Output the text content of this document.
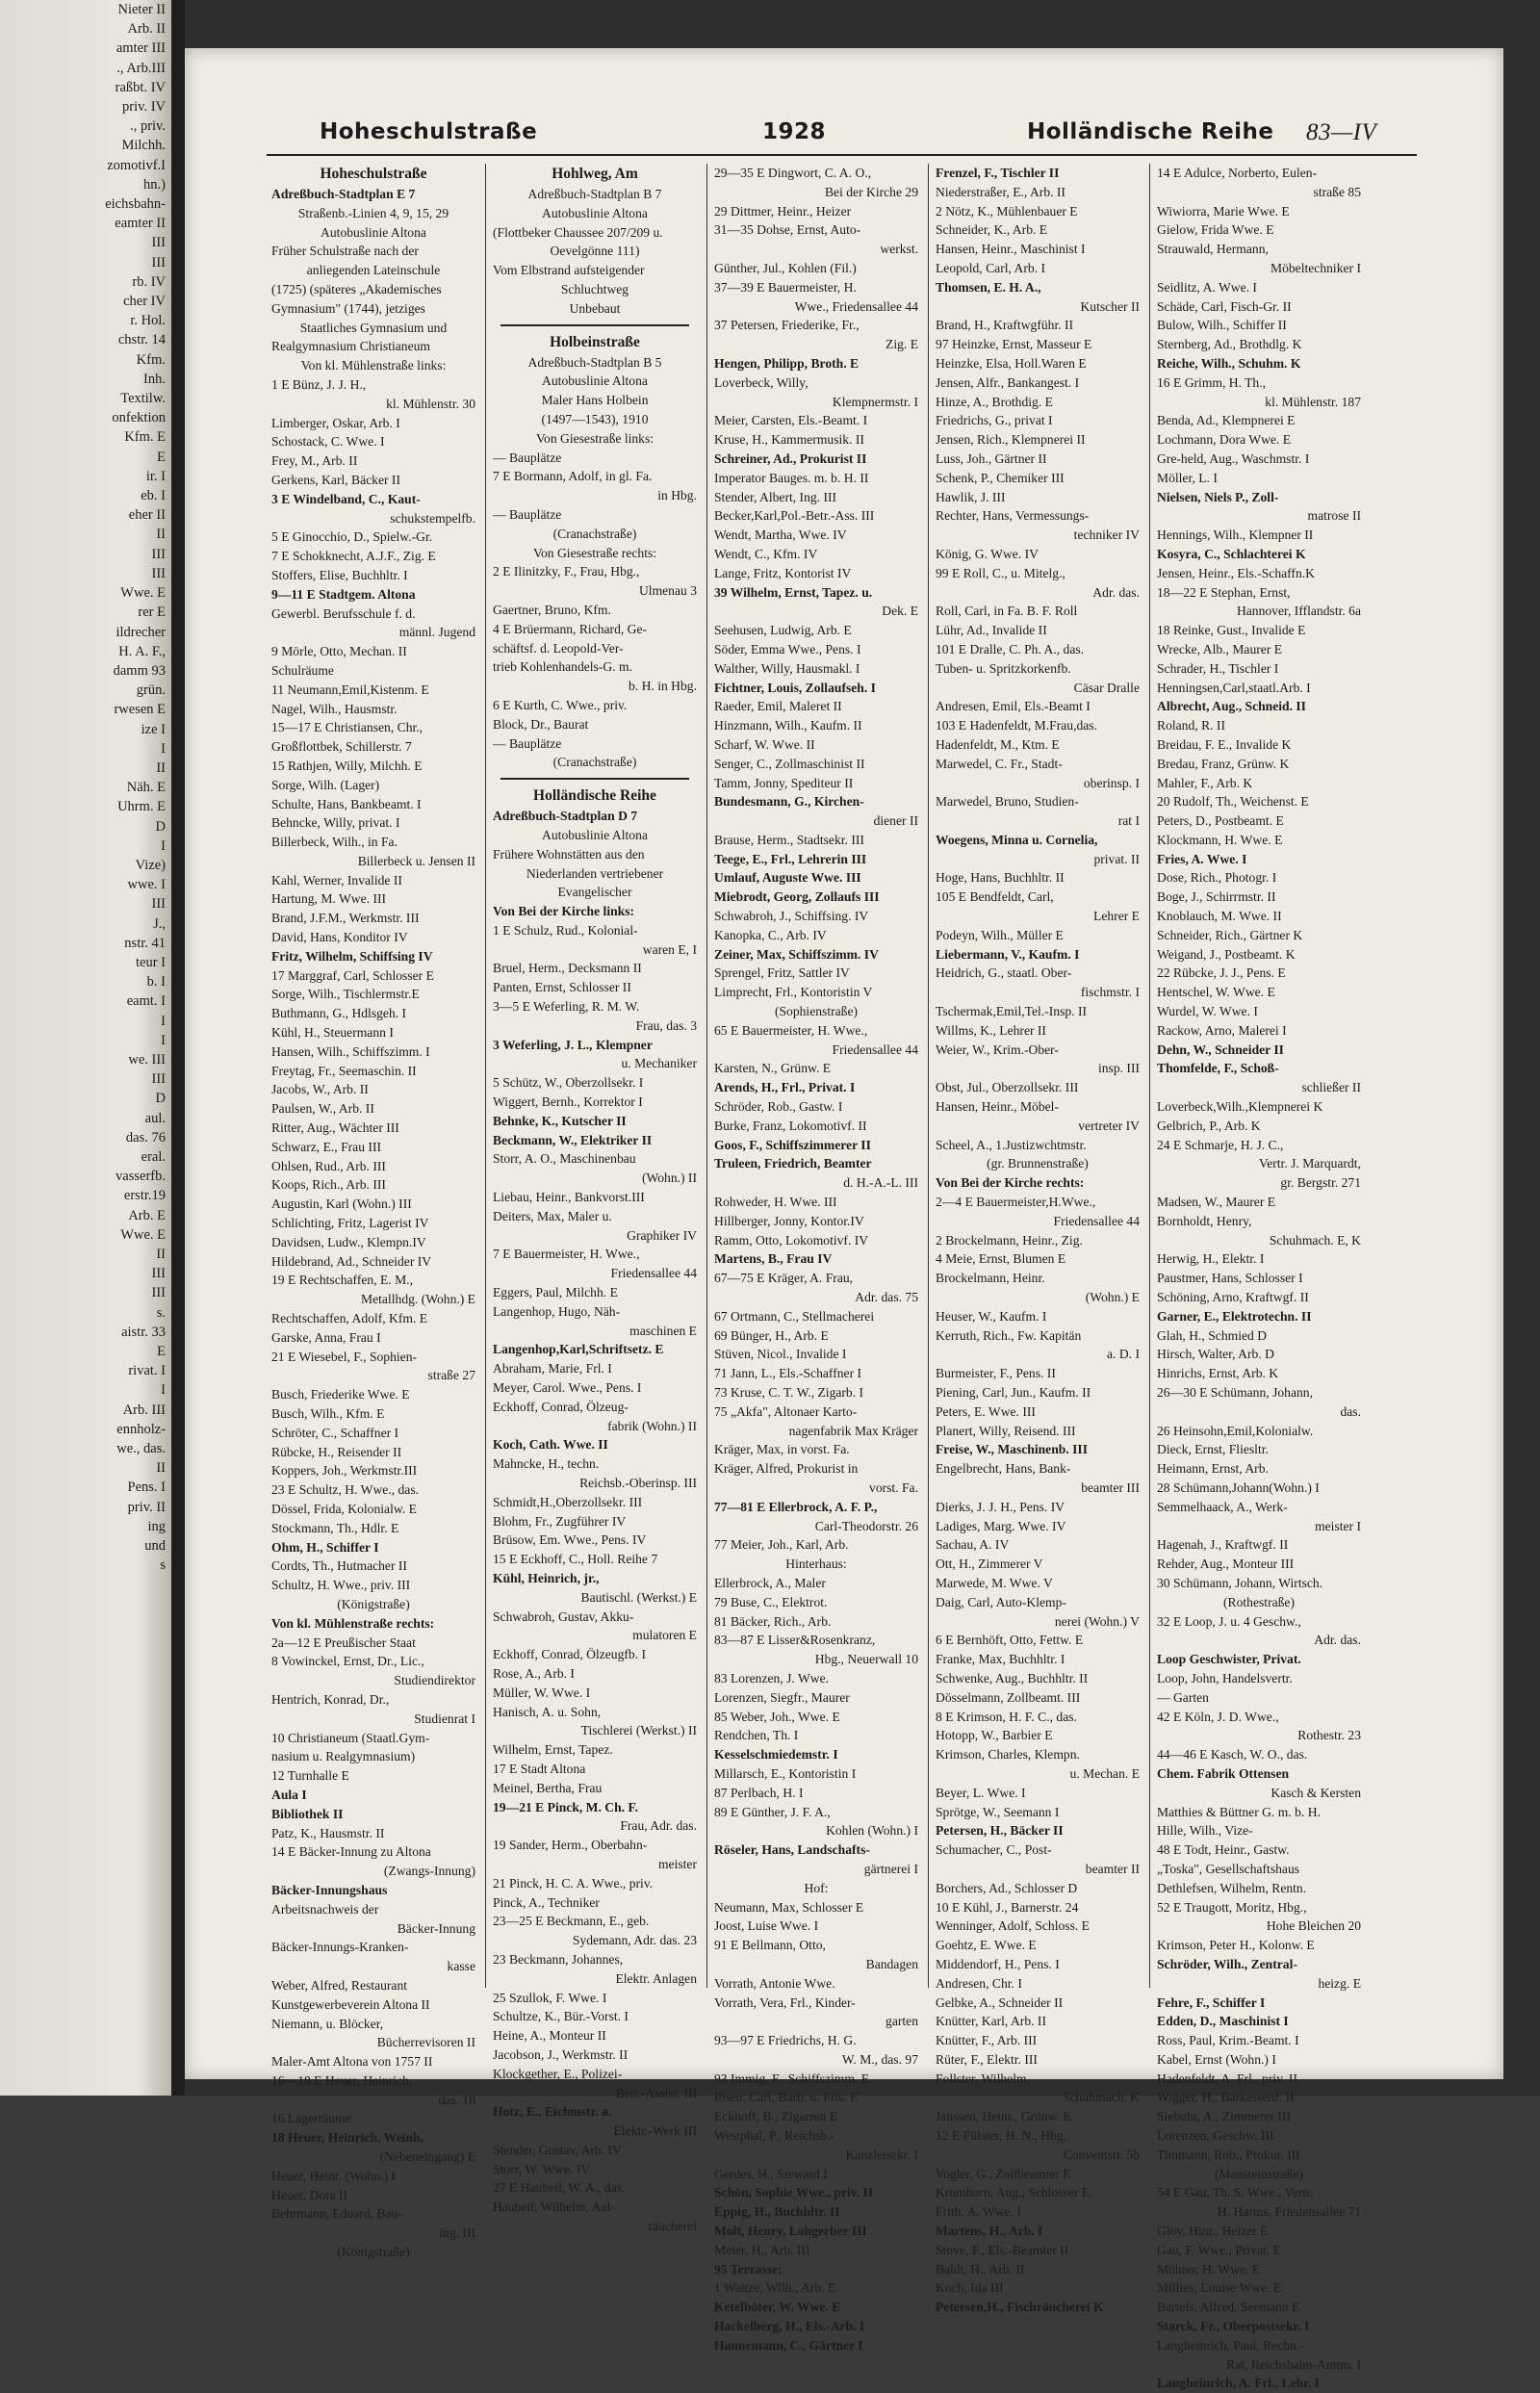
Nieter II
Arb. II
amter III
., Arb.III
raßbt. IV
priv. IV
., priv.
Milchh.
zomotivf.I
hn.)
eichsbahn-
eamter II
III
III
rb. IV
cher IV
r. Hol.
chstr. 14
Kfm.
Inh.
Textilw.
onfektion
Kfm. E
E
ir. I
eb. I
eher II
II
III
III
Wwe. E
rer E
ildrecher
H. A. F.,
damm 93
grün.
rwesen E
ize I
I
II
Näh. E
Uhrm. E
D
I
Vize)
wwe. I
III
J.,
nstr. 41
teur I
b. I
eamt. I
I
I
we. III
III
D
aul.
das. 76
eral.
vasserfb.
erstr.19
Arb. E
Wwe. E
II
III
III
s.
aistr. 33
E
rivat. I
I
Arb. III
ennholz-
we., das.
II
Pens. I
priv. II
ing
und
s
Hoheschulstraße	1928	Holländische Reihe 83—IV
Hoheschulstraße
Adreßbuch-Stadtplan E 7
Straßenb.-Linien 4, 9, 15, 29
Autobuslinie Altona
Früher Schulstraße nach der
anliegenden Lateinschule
(1725) (späteres „Akademisches
Gymnasium" (1744), jetziges
Staatliches Gymnasium und
Realgymnasium Christianeum
Von kl. Mühlenstraße links:
1 E Bünz, J. J. H.,
kl. Mühlenstr. 30
Limberger, Oskar, Arb. I
Schostack, C. Wwe. I
Frey, M., Arb. II
Gerkens, Karl, Bäcker II
3 E Windelband, C., Kaut-
schukstempelfb.
5 E Ginocchio, D., Spielw.-Gr.
7 E Schokknecht, A.J.F., Zig. E
Stoffers, Elise, Buchhltr. I
9—11 E Stadtgem. Altona
Gewerbl. Berufsschule f. d.
männl. Jugend
9 Mörle, Otto, Mechan. II
Schulräume
11 Neumann,Emil,Kistenm. E
Nagel, Wilh., Hausmstr.
15—17 E Christiansen, Chr.,
Großflottbek, Schillerstr. 7
15 Rathjen, Willy, Milchh. E
Sorge, Wilh. (Lager)
Schulte, Hans, Bankbeamt. I
Behncke, Willy, privat. I
Billerbeck, Wilh., in Fa.
Billerbeck u. Jensen II
Kahl, Werner, Invalide II
Hartung, M. Wwe. III
Brand, J.F.M., Werkmstr. III
David, Hans, Konditor IV
Fritz, Wilhelm, Schiffsing IV
17 Marggraf, Carl, Schlosser E
Sorge, Wilh., Tischlermstr.E
Buthmann, G., Hdlsgeh. I
Kühl, H., Steuermann I
Hansen, Wilh., Schiffszimm. I
Freytag, Fr., Seemaschin. II
Jacobs, W., Arb. II
Paulsen, W., Arb. II
Ritter, Aug., Wächter III
Schwarz, E., Frau III
Ohlsen, Rud., Arb. III
Koops, Rich., Arb. III
Augustin, Karl (Wohn.) III
Schlichting, Fritz, Lagerist IV
Davidsen, Ludw., Klempn.IV
Hildebrand, Ad., Schneider IV
19 E Rechtschaffen, E. M.,
Metallhdg. (Wohn.) E
Rechtschaffen, Adolf, Kfm. E
Garske, Anna, Frau I
21 E Wiesebel, F., Sophien-
straße 27
Busch, Friederike Wwe. E
Busch, Wilh., Kfm. E
Schröter, C., Schaffner I
Rübcke, H., Reisender II
Koppers, Joh., Werkmstr.III
23 E Schultz, H. Wwe., das.
Dössel, Frida, Kolonialw. E
Stockmann, Th., Hdlr. E
Ohm, H., Schiffer I
Cordts, Th., Hutmacher II
Schultz, H. Wwe., priv. III
(Königstraße)
Von kl. Mühlenstraße rechts:
2a—12 E Preußischer Staat
8 Vowinckel, Ernst, Dr., Lic.,
Studiendirektor
Hentrich, Konrad, Dr.,
Studienrat I
10 Christianeum (Staatl.Gym-
nasium u. Realgymnasium)
12 Turnhalle E
Aula I
Bibliothek II
Patz, K., Hausmstr. II
14 E Bäcker-Innung zu Altona
(Zwangs-Innung)
Bäcker-Innungshaus
Arbeitsnachweis der
Bäcker-Innung
Bäcker-Innungs-Kranken-
kasse
Weber, Alfred, Restaurant
Kunstgewerbeverein Altona II
Niemann, u. Blöcker,
Bücherrevisoren II
Maler-Amt Altona von 1757 II
16—18 E Heuer, Heinrich,
das. 18
16 Lagerräume
18 Heuer, Heinrich, Weinh.
(Nebeneingang) E
Heuer, Heinr. (Wohn.) I
Heuer, Dora II
Behrmann, Eduard, Bau-
ing. III
(Königstraße)
Hohlweg, Am
Adreßbuch-Stadtplan B 7
Autobuslinie Altona
(Flottbeker Chaussee 207/209 u.
Oevelgönne 111)
Vom Elbstrand aufsteigender
Schluchtweg
Unbebaut
Holbeinstraße
Adreßbuch-Stadtplan B 5
Autobuslinie Altona
Maler Hans Holbein
(1497—1543), 1910
Von Giesestraße links:
— Bauplätze
7 E Bormann, Adolf, in gl. Fa.
in Hbg.
— Bauplätze
(Cranachstraße)
Von Giesestraße rechts:
2 E Ilinitzky, F., Frau, Hbg.,
Ulmenau 3
Gaertner, Bruno, Kfm.
4 E Brüermann, Richard, Ge-
schäftsf. d. Leopold-Ver-
trieb Kohlenhandels-G. m.
b. H. in Hbg.
6 E Kurth, C. Wwe., priv.
Block, Dr., Baurat
— Bauplätze
(Cranachstraße)
Holländische Reihe
Adreßbuch-Stadtplan D 7
Autobuslinie Altona
Frühere Wohnstätten aus den
Niederlanden vertriebener
Evangelischer
Von Bei der Kirche links:
1 E Schulz, Rud., Kolonial-
waren E, I
Bruel, Herm., Decksmann II
Panten, Ernst, Schlosser II
3—5 E Weferling, R. M. W.
Frau, das. 3
3 Weferling, J. L., Klempner
u. Mechaniker
5 Schütz, W., Oberzollsekr. I
Wiggert, Bernh., Korrektor I
Behnke, K., Kutscher II
Beckmann, W., Elektriker II
Storr, A. O., Maschinenbau
(Wohn.) II
Liebau, Heinr., Bankvorst.III
Deiters, Max, Maler u.
Graphiker IV
7 E Bauermeister, H. Wwe.,
Friedensallee 44
Eggers, Paul, Milchh. E
Langenhop, Hugo, Näh-
maschinen E
Langenhop,Karl,Schriftsetz. E
Abraham, Marie, Frl. I
Meyer, Carol. Wwe., Pens. I
Eckhoff, Conrad, Ölzeug-
fabrik (Wohn.) II
Koch, Cath. Wwe. II
Mahncke, H., techn.
Reichsb.-Oberinsp. III
Schmidt,H.,Oberzollsekr. III
Blohm, Fr., Zugführer IV
Brüsow, Em. Wwe., Pens. IV
15 E Eckhoff, C., Holl. Reihe 7
Kühl, Heinrich, jr.,
Bautischl. (Werkst.) E
Schwabroh, Gustav, Akku-
mulatoren E
Eckhoff, Conrad, Ölzeugfb. I
Rose, A., Arb. I
Müller, W. Wwe. I
Hanisch, A. u. Sohn,
Tischlerei (Werkst.) II
Wilhelm, Ernst, Tapez.
17 E Stadt Altona
Meinel, Bertha, Frau
19—21 E Pinck, M. Ch. F.
Frau, Adr. das.
19 Sander, Herm., Oberbahn-
meister
21 Pinck, H. C. A. Wwe., priv.
Pinck, A., Techniker
23—25 E Beckmann, E., geb.
Sydemann, Adr. das. 23
23 Beckmann, Johannes,
Elektr. Anlagen
25 Szullok, F. Wwe. I
Schultze, K., Bür.-Vorst. I
Heine, A., Monteur II
Jacobson, J., Werkmstr. II
Klockgether, E., Polizei-
Betr.-Assist. III
Hotz, E., Eichmstr. a.
Elektr.-Werk III
Stender, Gustav, Arb. IV
Storr, W. Wwe. IV
27 E Haubeil, W. A., das.
Haubeil, Wilhelm, Aal-
räucherei
29—35 E Dingwort, C. A. O.,
Bei der Kirche 29
29 Dittmer, Heinr., Heizer
31—35 Dohse, Ernst, Auto-
werkst.
Günther, Jul., Kohlen (Fil.)
37—39 E Bauermeister, H.
Wwe., Friedensallee 44
37 Petersen, Friederike, Fr.,
Zig. E
Hengen, Philipp, Broth. E
Loverbeck, Willy,
Klempnermstr. I
Meier, Carsten, Els.-Beamt. I
Kruse, H., Kammermusik. II
Schreiner, Ad., Prokurist II
Imperator Bauges. m. b. H. II
Stender, Albert, Ing. III
Becker,Karl,Pol.-Betr.-Ass. III
Wendt, Martha, Wwe. IV
Wendt, C., Kfm. IV
Lange, Fritz, Kontorist IV
39 Wilhelm, Ernst, Tapez. u.
Dek. E
Seehusen, Ludwig, Arb. E
Söder, Emma Wwe., Pens. I
Walther, Willy, Hausmakl. I
Fichtner, Louis, Zollaufseh. I
Raeder, Emil, Maleret II
Hinzmann, Wilh., Kaufm. II
Scharf, W. Wwe. II
Senger, C., Zollmaschinist II
Tamm, Jonny, Spediteur II
Bundesmann, G., Kirchen-
diener II
Brause, Herm., Stadtsekr. III
Teege, E., Frl., Lehrerin III
Umlauf, Auguste Wwe. III
Miebrodt, Georg, Zollaufs III
Schwabroh, J., Schiffsing. IV
Kanopka, C., Arb. IV
Zeiner, Max, Schiffszimm. IV
Sprengel, Fritz, Sattler IV
Limprecht, Frl., Kontoristin V
(Sophienstraße)
65 E Bauermeister, H. Wwe.,
Friedensallee 44
Karsten, N., Grünw. E
Arends, H., Frl., Privat. I
Schröder, Rob., Gastw. I
Burke, Franz, Lokomotivf. II
Goos, F., Schiffszimmerer II
Truleen, Friedrich, Beamter
d. H.-A.-L. III
Rohweder, H. Wwe. III
Hillberger, Jonny, Kontor.IV
Ramm, Otto, Lokomotivf. IV
Martens, B., Frau IV
67—75 E Kräger, A. Frau,
Adr. das. 75
67 Ortmann, C., Stellmacherei
69 Bünger, H., Arb. E
Stüven, Nicol., Invalide I
71 Jann, L., Els.-Schaffner I
73 Kruse, C. T. W., Zigarb. I
75 „Akfa", Altonaer Karto-
nagenfabrik Max Kräger
Kräger, Max, in vorst. Fa.
Kräger, Alfred, Prokurist in
vorst. Fa.
77—81 E Ellerbrock, A. F. P.,
Carl-Theodorstr. 26
77 Meier, Joh., Karl, Arb.
Hinterhaus:
Ellerbrock, A., Maler
79 Buse, C., Elektrot.
81 Bäcker, Rich., Arb.
83—87 E Lisser&Rosenkranz,
Hbg., Neuerwall 10
83 Lorenzen, J. Wwe.
Lorenzen, Siegfr., Maurer
85 Weber, Joh., Wwe. E
Rendchen, Th. I
Kesselschmiedemstr. I
Millarsch, E., Kontoristin I
87 Perlbach, H. I
89 E Günther, J. F. A.,
Kohlen (Wohn.) I
Röseler, Hans, Landschafts-
gärtnerei I
Hof:
Neumann, Max, Schlosser E
Joost, Luise Wwe. I
91 E Bellmann, Otto,
Bandagen
Vorrath, Antonie Wwe.
Vorrath, Vera, Frl., Kinder-
garten
93—97 E Friedrichs, H. G.
W. M., das. 97
93 Immig, F., Schiffszimm. E
Ibsen, Carl, Barb. u. Fris. E
Eckhoff, B., Zigarren E
Westphal, P., Reichsb.-
Kanzleisekr. I
Gerdes, H., Steward I
Schön, Sophie Wwe., priv. II
Eppig, H., Buchhltr. II
Molt, Henry, Lohgerber III
Meier, H., Arb. III
95 Terrasse:
1 Waitze, Wilh., Arb. E
Ketelböter, W. Wwe. E
Hackelberg, H., Els.-Arb. I
Hannemann, C., Gärtner I
Frenzel, F., Tischler II
Niederstraßer, E., Arb. II
2 Nötz, K., Mühlenbauer E
Schneider, K., Arb. E
Hansen, Heinr., Maschinist I
Leopold, Carl, Arb. I
Thomsen, E. H. A.,
Kutscher II
Brand, H., Kraftwgführ. II
97 Heinzke, Ernst, Masseur E
Heinzke, Elsa, Holl.Waren E
Jensen, Alfr., Bankangest. I
Hinze, A., Brothdig. E
Friedrichs, G., privat I
Jensen, Rich., Klempnerei II
Luss, Joh., Gärtner II
Schenk, P., Chemiker III
Hawlik, J. III
Rechter, Hans, Vermessungs-
techniker IV
König, G. Wwe. IV
99 E Roll, C., u. Mitelg.,
Adr. das.
Roll, Carl, in Fa. B. F. Roll
Lühr, Ad., Invalide II
101 E Dralle, C. Ph. A., das.
Tuben- u. Spritzkorkenfb.
Cäsar Dralle
Andresen, Emil, Els.-Beamt I
103 E Hadenfeldt, M.Frau,das.
Hadenfeldt, M., Ktm. E
Marwedel, C. Fr., Stadt-
oberinsp. I
Marwedel, Bruno, Studien-
rat I
Woegens, Minna u. Cornelia,
privat. II
Hoge, Hans, Buchhltr. II
105 E Bendfeldt, Carl,
Lehrer E
Podeyn, Wilh., Müller E
Liebermann, V., Kaufm. I
Heidrich, G., staatl. Ober-
fischmstr. I
Tschermak,Emil,Tel.-Insp. II
Willms, K., Lehrer II
Weier, W., Krim.-Ober-
insp. III
Obst, Jul., Oberzollsekr. III
Hansen, Heinr., Möbel-
vertreter IV
Scheel, A., 1.Justizwchtmstr.
(gr. Brunnenstraße)
Von Bei der Kirche rechts:
2—4 E Bauermeister,H.Wwe.,
Friedensallee 44
2 Brockelmann, Heinr., Zig.
4 Meie, Ernst, Blumen E
Brockelmann, Heinr.
(Wohn.) E
Heuser, W., Kaufm. I
Kerruth, Rich., Fw. Kapitän
a. D. I
Burmeister, F., Pens. II
Piening, Carl, Jun., Kaufm. II
Peters, E. Wwe. III
Planert, Willy, Reisend. III
Freise, W., Maschinenb. III
Engelbrecht, Hans, Bank-
beamter III
Dierks, J. J. H., Pens. IV
Ladiges, Marg. Wwe. IV
Sachau, A. IV
Ott, H., Zimmerer V
Marwede, M. Wwe. V
Daig, Carl, Auto-Klemp-
nerei (Wohn.) V
6 E Bernhöft, Otto, Fettw. E
Franke, Max, Buchhltr. I
Schwenke, Aug., Buchhltr. II
Dösselmann, Zollbeamt. III
8 E Krimson, H. F. C., das.
Hotopp, W., Barbier E
Krimson, Charles, Klempn.
u. Mechan. E
Beyer, L. Wwe. I
Sprötge, W., Seemann I
Petersen, H., Bäcker II
Schumacher, C., Post-
beamter II
Borchers, Ad., Schlosser D
10 E Kühl, J., Barnerstr. 24
Wenninger, Adolf, Schloss. E
Goehtz, E. Wwe. E
Middendorf, H., Pens. I
Andresen, Chr. I
Gelbke, A., Schneider II
Knütter, Karl, Arb. II
Knütter, F., Arb. III
Rüter, F., Elektr. III
Follster, Wilhelm,
Schuhmach. K
Janssen, Heinr., Grünw. K
12 E Fülster, H. N., Hbg.,
Conventstr. 5b
Vogler, G., Zollbeamter E
Krumhorn, Aug., Schlosser E
Frith, A. Wwe. I
Martens, H., Arb. I
Stove, F., Els.-Beamter II
Baldt, H., Arb. II
Koch, Ida III
Petersen,H., Fischräucherei K
14 E Adulce, Norberto, Eulen-
straße 85
Wiwiorra, Marie Wwe. E
Gielow, Frida Wwe. E
Strauwald, Hermann,
Möbeltechniker I
Seidlitz, A. Wwe. I
Schäde, Carl, Fisch-Gr. II
Bulow, Wilh., Schiffer II
Sternberg, Ad., Brothdlg. K
Reiche, Wilh., Schuhm. K
16 E Grimm, H. Th.,
kl. Mühlenstr. 187
Benda, Ad., Klempnerei E
Lochmann, Dora Wwe. E
Gre-held, Aug., Waschmstr. I
Möller, L. I
Nielsen, Niels P., Zoll-
matrose II
Hennings, Wilh., Klempner II
Kosyra, C., Schlachterei K
Jensen, Heinr., Els.-Schaffn.K
18—22 E Stephan, Ernst,
Hannover, Ifflandstr. 6a
18 Reinke, Gust., Invalide E
Wrecke, Alb., Maurer E
Schrader, H., Tischler I
Henningsen,Carl,staatl.Arb. I
Albrecht, Aug., Schneid. II
Roland, R. II
Breidau, F. E., Invalide K
Bredau, Franz, Grünw. K
Mahler, F., Arb. K
20 Rudolf, Th., Weichenst. E
Peters, D., Postbeamt. E
Klockmann, H. Wwe. E
Fries, A. Wwe. I
Dose, Rich., Photogr. I
Boge, J., Schirrmstr. II
Knoblauch, M. Wwe. II
Schneider, Rich., Gärtner K
Weigand, J., Postbeamt. K
22 Rübcke, J. J., Pens. E
Hentschel, W. Wwe. E
Wurdel, W. Wwe. I
Rackow, Arno, Malerei I
Dehn, W., Schneider II
Thomfelde, F., Schoß-
schließer II
Loverbeck,Wilh.,Klempnerei K
Gelbrich, P., Arb. K
24 E Schmarje, H. J. C.,
Vertr. J. Marquardt,
gr. Bergstr. 271
Madsen, W., Maurer E
Bornholdt, Henry,
Schuhmach. E, K
Herwig, H., Elektr. I
Paustmer, Hans, Schlosser I
Schöning, Arno, Kraftwgf. II
Garner, E., Elektrotechn. II
Glah, H., Schmied D
Hirsch, Walter, Arb. D
Hinrichs, Ernst, Arb. K
26—30 E Schümann, Johann,
das.
26 Heinsohn,Emil,Kolonialw.
Dieck, Ernst, Fliesltr.
Heimann, Ernst, Arb.
28 Schümann,Johann(Wohn.) I
Semmelhaack, A., Werk-
meister I
Hagenah, J., Kraftwgf. II
Rehder, Aug., Monteur III
30 Schümann, Johann, Wirtsch.
(Rothestraße)
32 E Loop, J. u. 4 Geschw.,
Adr. das.
Loop Geschwister, Privat.
Loop, John, Handelsvertr.
— Garten
42 E Köln, J. D. Wwe.,
Rothestr. 23
44—46 E Kasch, W. O., das.
Chem. Fabrik Ottensen
Kasch & Kersten
Matthies & Büttner G. m. b. H.
Hille, Wilh., Vize-
48 E Todt, Heinr., Gastw.
„Toska", Gesellschaftshaus
Dethlefsen, Wilhelm, Rentn.
52 E Traugott, Moritz, Hbg.,
Hohe Bleichen 20
Krimson, Peter H., Kolonw. E
Schröder, Wilh., Zentral-
heizg. E
Fehre, F., Schiffer I
Edden, D., Maschinist I
Ross, Paul, Krim.-Beamt. I
Kabel, Ernst (Wohn.) I
Hadenfeldt, A. Frl., priv. II
Wigger, H., Barkassenf. II
Siebuhr, A., Zimmerer III
Lorenzen, Geschw. III
Timmann, Rob., Prokur. III
(Mansteinstraße)
54 E Gau, Th. S. Wwe., Vertr.
H. Harms, Friedensallee 71
Gloy, Hinr., Heizer E
Gau, F. Wwe., Privat. E
Mührer, H. Wwe. E
Millies, Louise Wwe. E
Bartels, Alfred, Seemann E
Starck, Fr., Oberpostsekr. I
Langheinrich, Paul, Rechn.-
Rat, Reichsbahn-Amtm. I
Langheinrich, A. Frl., Lehr. I
